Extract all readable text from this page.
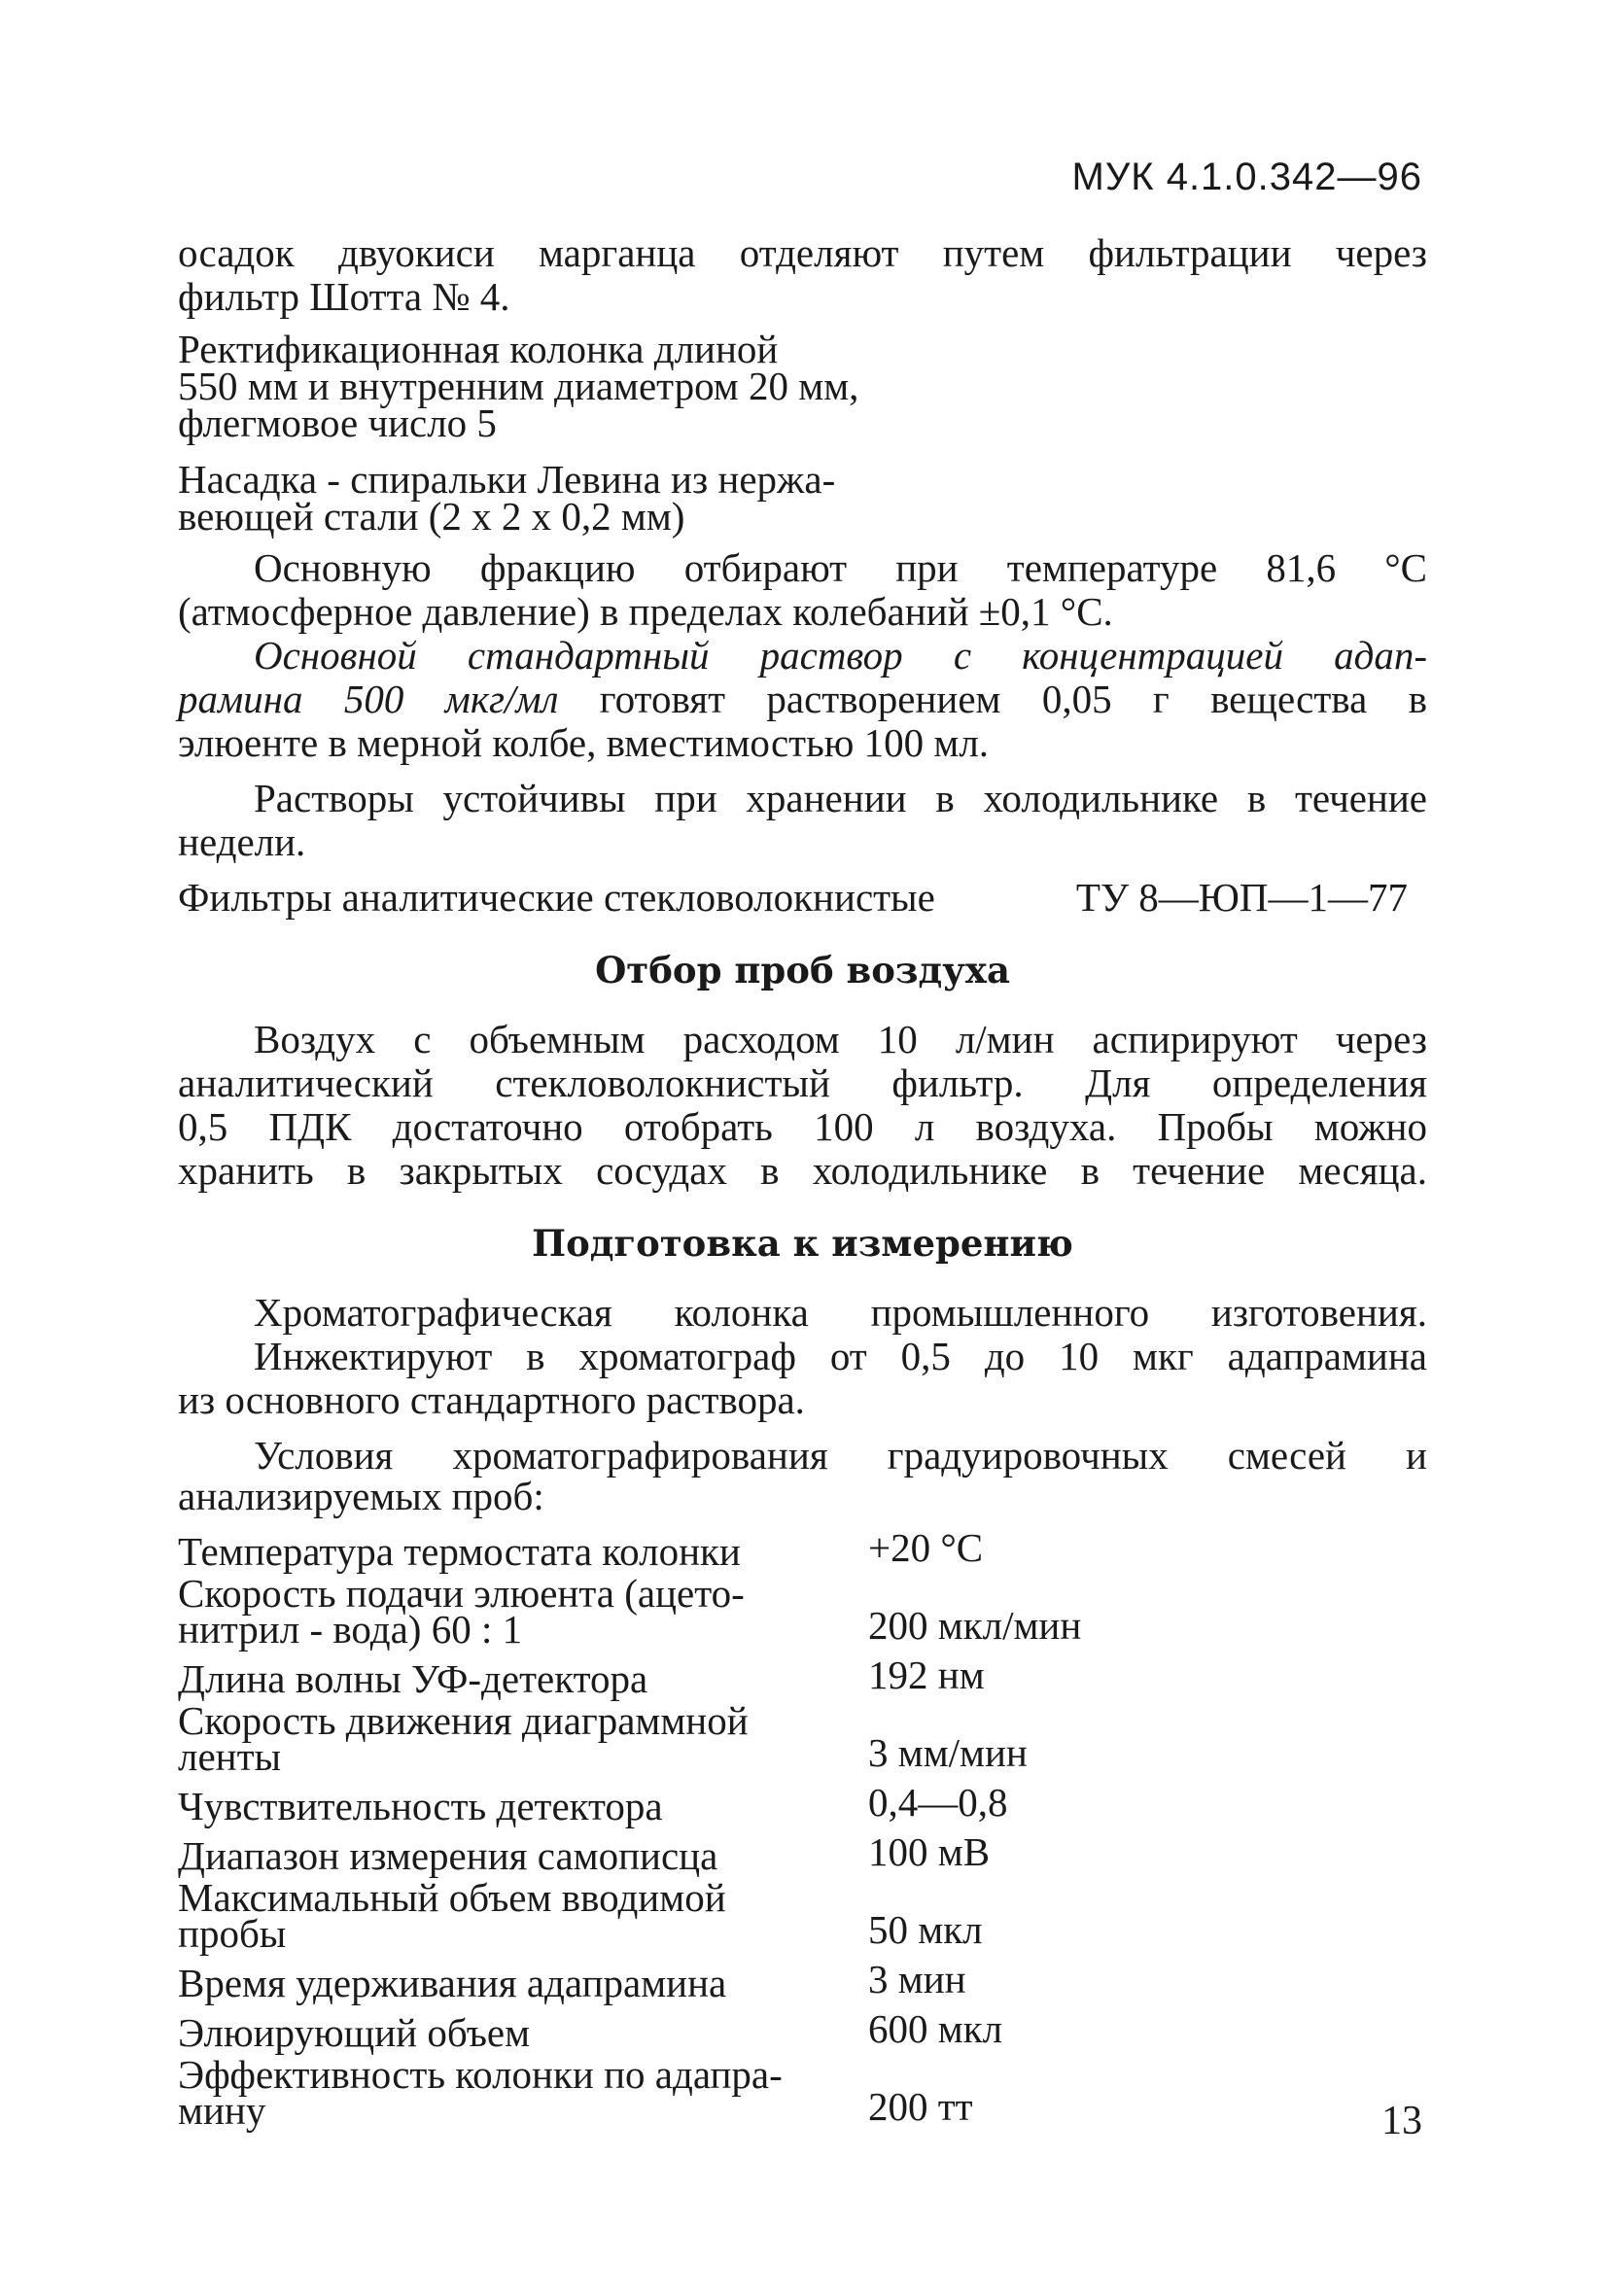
МУК 4.1.0.342—96
осадок двуокиси марганца отделяют путем фильтрации через
фильтр Шотта № 4.
Ректификационная колонка длиной
550 мм и внутренним диаметром 20 мм,
флегмовое число 5
Насадка - спиральки Левина из нержа-
веющей стали (2 х 2 х 0,2 мм)
Основную фракцию отбирают при температуре 81,6 °С
(атмосферное давление) в пределах колебаний ±0,1 °С.
Основной стандартный раствор с концентрацией адап-
рамина 500 мкг/мл готовят растворением 0,05 г вещества в
элюенте в мерной колбе, вместимостью 100 мл.
Растворы устойчивы при хранении в холодильнике в течение
недели.
Фильтры аналитические стекловолокнистые	ТУ 8—ЮП—1—77
Отбор проб воздуха
Воздух с объемным расходом 10 л/мин аспирируют через
аналитический стекловолокнистый фильтр. Для определения
0,5 ПДК достаточно отобрать 100 л воздуха. Пробы можно
хранить в закрытых сосудах в холодильнике в течение месяца.
Подготовка к измерению
Хроматографическая колонка промышленного изготовения.
Инжектируют в хроматограф от 0,5 до 10 мкг адапрамина
из основного стандартного раствора.
Условия хроматографирования градуировочных смесей и
анализируемых проб:
Температура термостата колонки	+20 °С
Скорость подачи элюента (ацето-
нитрил - вода) 60 : 1	200 мкл/мин
Длина волны УФ-детектора	192 нм
Скорость движения диаграммной
ленты	3 мм/мин
Чувствительность детектора	0,4—0,8
Диапазон измерения самописца	100 мВ
Максимальный объем вводимой
пробы	50 мкл
Время удерживания адапрамина	3 мин
Элюирующий объем	600 мкл
Эффективность колонки по адапра-
мину	200 тт	13
